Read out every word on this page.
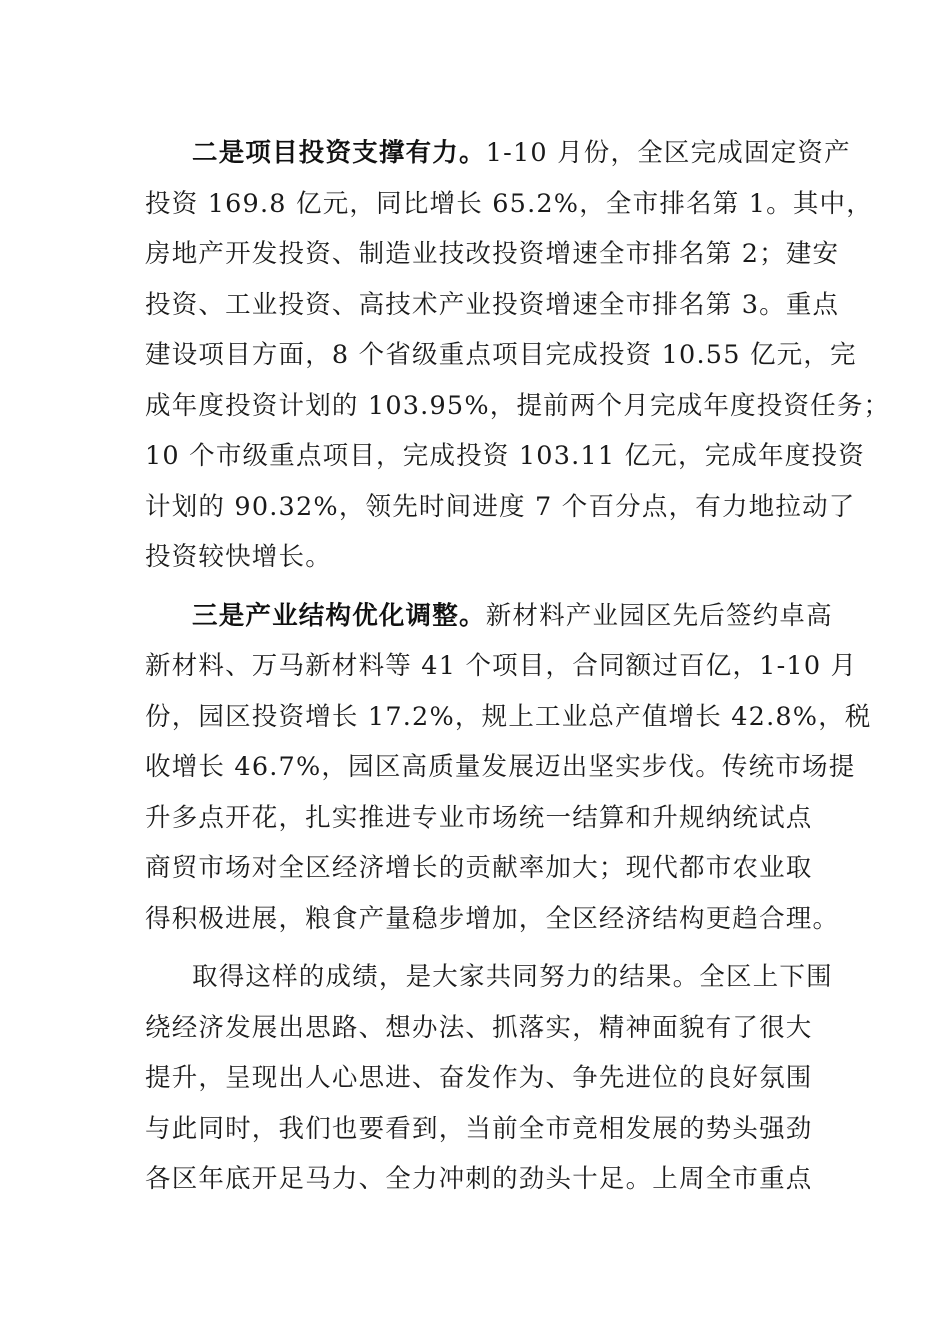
二是项目投资支撑有力。1-10 月份，全区完成固定资产
投资 169.8 亿元，同比增长 65.2%，全市排名第 1。其中，
房地产开发投资、制造业技改投资增速全市排名第 2；建安
投资、工业投资、高技术产业投资增速全市排名第 3。重点
建设项目方面，8 个省级重点项目完成投资 10.55 亿元，完
成年度投资计划的 103.95%，提前两个月完成年度投资任务；
10 个市级重点项目，完成投资 103.11 亿元，完成年度投资
计划的 90.32%，领先时间进度 7 个百分点，有力地拉动了
投资较快增长。
三是产业结构优化调整。新材料产业园区先后签约卓高
新材料、万马新材料等 41 个项目，合同额过百亿，1-10 月
份，园区投资增长 17.2%，规上工业总产值增长 42.8%，税
收增长 46.7%，园区高质量发展迈出坚实步伐。传统市场提
升多点开花，扎实推进专业市场统一结算和升规纳统试点
商贸市场对全区经济增长的贡献率加大；现代都市农业取
得积极进展，粮食产量稳步增加，全区经济结构更趋合理。
取得这样的成绩，是大家共同努力的结果。全区上下围
绕经济发展出思路、想办法、抓落实，精神面貌有了很大
提升，呈现出人心思进、奋发作为、争先进位的良好氛围
与此同时，我们也要看到，当前全市竞相发展的势头强劲
各区年底开足马力、全力冲刺的劲头十足。上周全市重点
